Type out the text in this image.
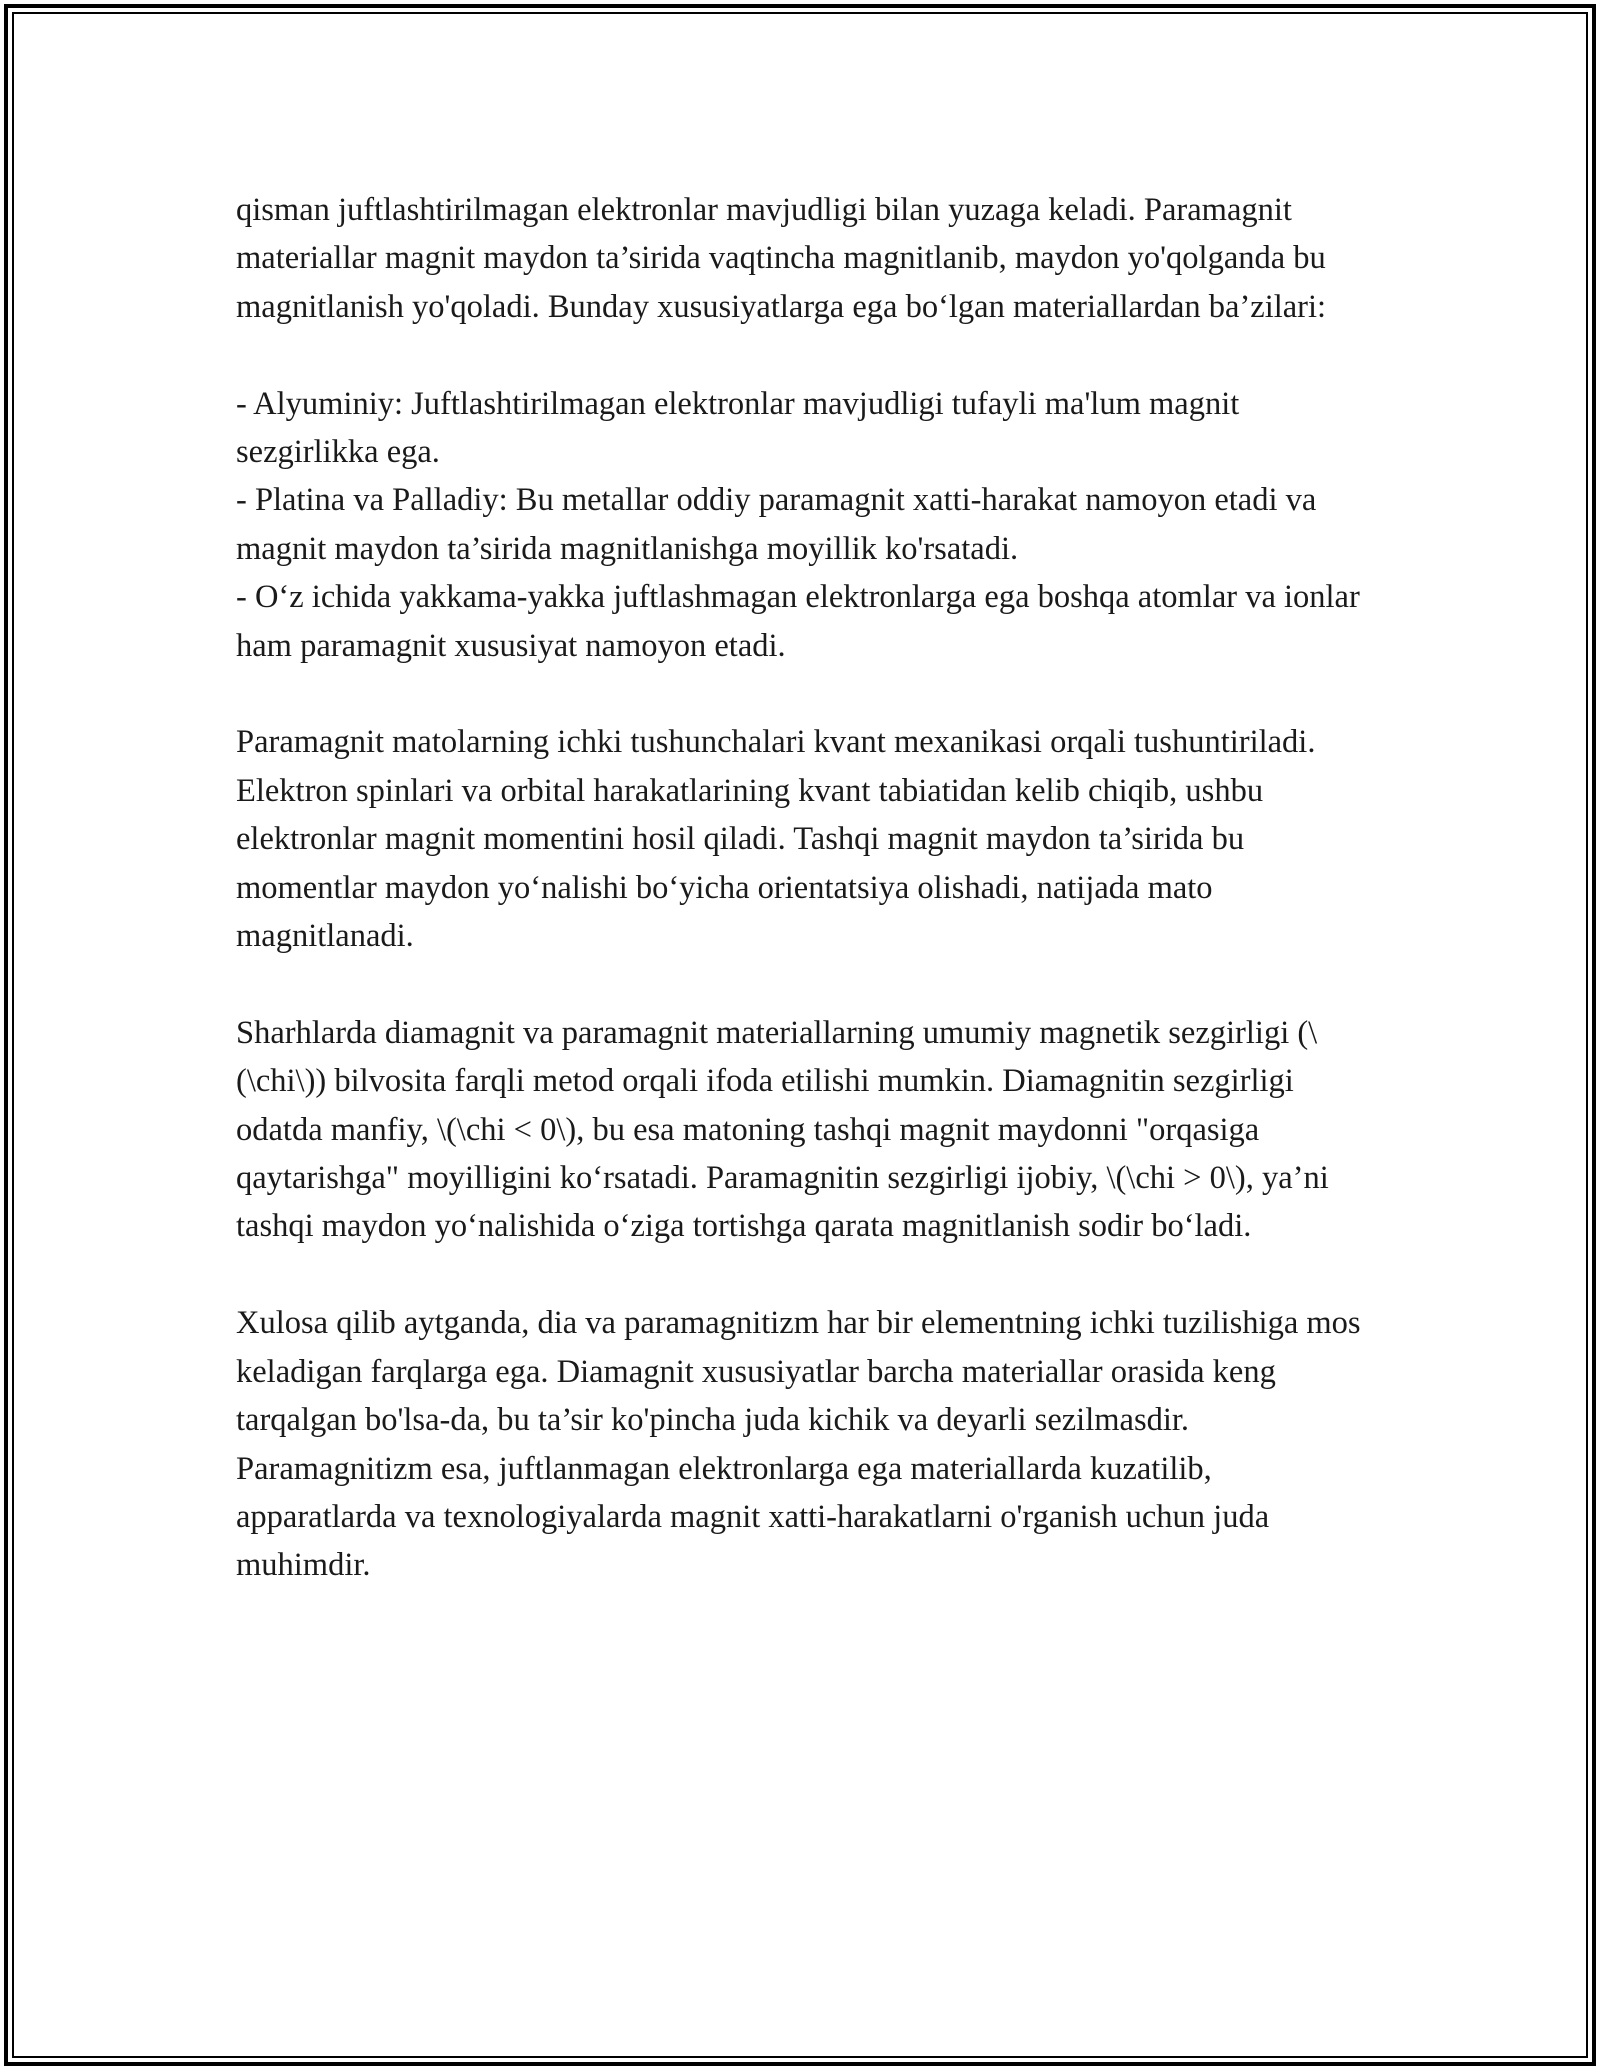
qisman juftlashtirilmagan elektronlar mavjudligi bilan yuzaga keladi. Paramagnit materiallar magnit maydon ta’sirida vaqtincha magnitlanib, maydon yo'qolganda bu magnitlanish yo'qoladi. Bunday xususiyatlarga ega bo‘lgan materiallardan ba’zilari:

- Alyuminiy: Juftlashtirilmagan elektronlar mavjudligi tufayli ma'lum magnit sezgirlikka ega.
- Platina va Palladiy: Bu metallar oddiy paramagnit xatti-harakat namoyon etadi va magnit maydon ta’sirida magnitlanishga moyillik ko'rsatadi.
- O‘z ichida yakkama-yakka juftlashmagan elektronlarga ega boshqa atomlar va ionlar ham paramagnit xususiyat namoyon etadi.

Paramagnit matolarning ichki tushunchalari kvant mexanikasi orqali tushuntiriladi. Elektron spinlari va orbital harakatlarining kvant tabiatidan kelib chiqib, ushbu elektronlar magnit momentini hosil qiladi. Tashqi magnit maydon ta’sirida bu momentlar maydon yo‘nalishi bo‘yicha orientatsiya olishadi, natijada mato magnitlanadi.

Sharhlarda diamagnit va paramagnit materiallarning umumiy magnetik sezgirligi (\(\chi\)) bilvosita farqli metod orqali ifoda etilishi mumkin. Diamagnitin sezgirligi odatda manfiy, \(\chi < 0\), bu esa matoning tashqi magnit maydonni "orqasiga qaytarishga" moyilligini ko‘rsatadi. Paramagnitin sezgirligi ijobiy, \(\chi > 0\), ya’ni tashqi maydon yo‘nalishida o‘ziga tortishga qarata magnitlanish sodir bo‘ladi.

Xulosa qilib aytganda, dia va paramagnitizm har bir elementning ichki tuzilishiga mos keladigan farqlarga ega. Diamagnit xususiyatlar barcha materiallar orasida keng tarqalgan bo'lsa-da, bu ta’sir ko'pincha juda kichik va deyarli sezilmasdir. Paramagnitizm esa, juftlanmagan elektronlarga ega materiallarda kuzatilib, apparatlarda va texnologiyalarda magnit xatti-harakatlarni o'rganish uchun juda muhimdir.
